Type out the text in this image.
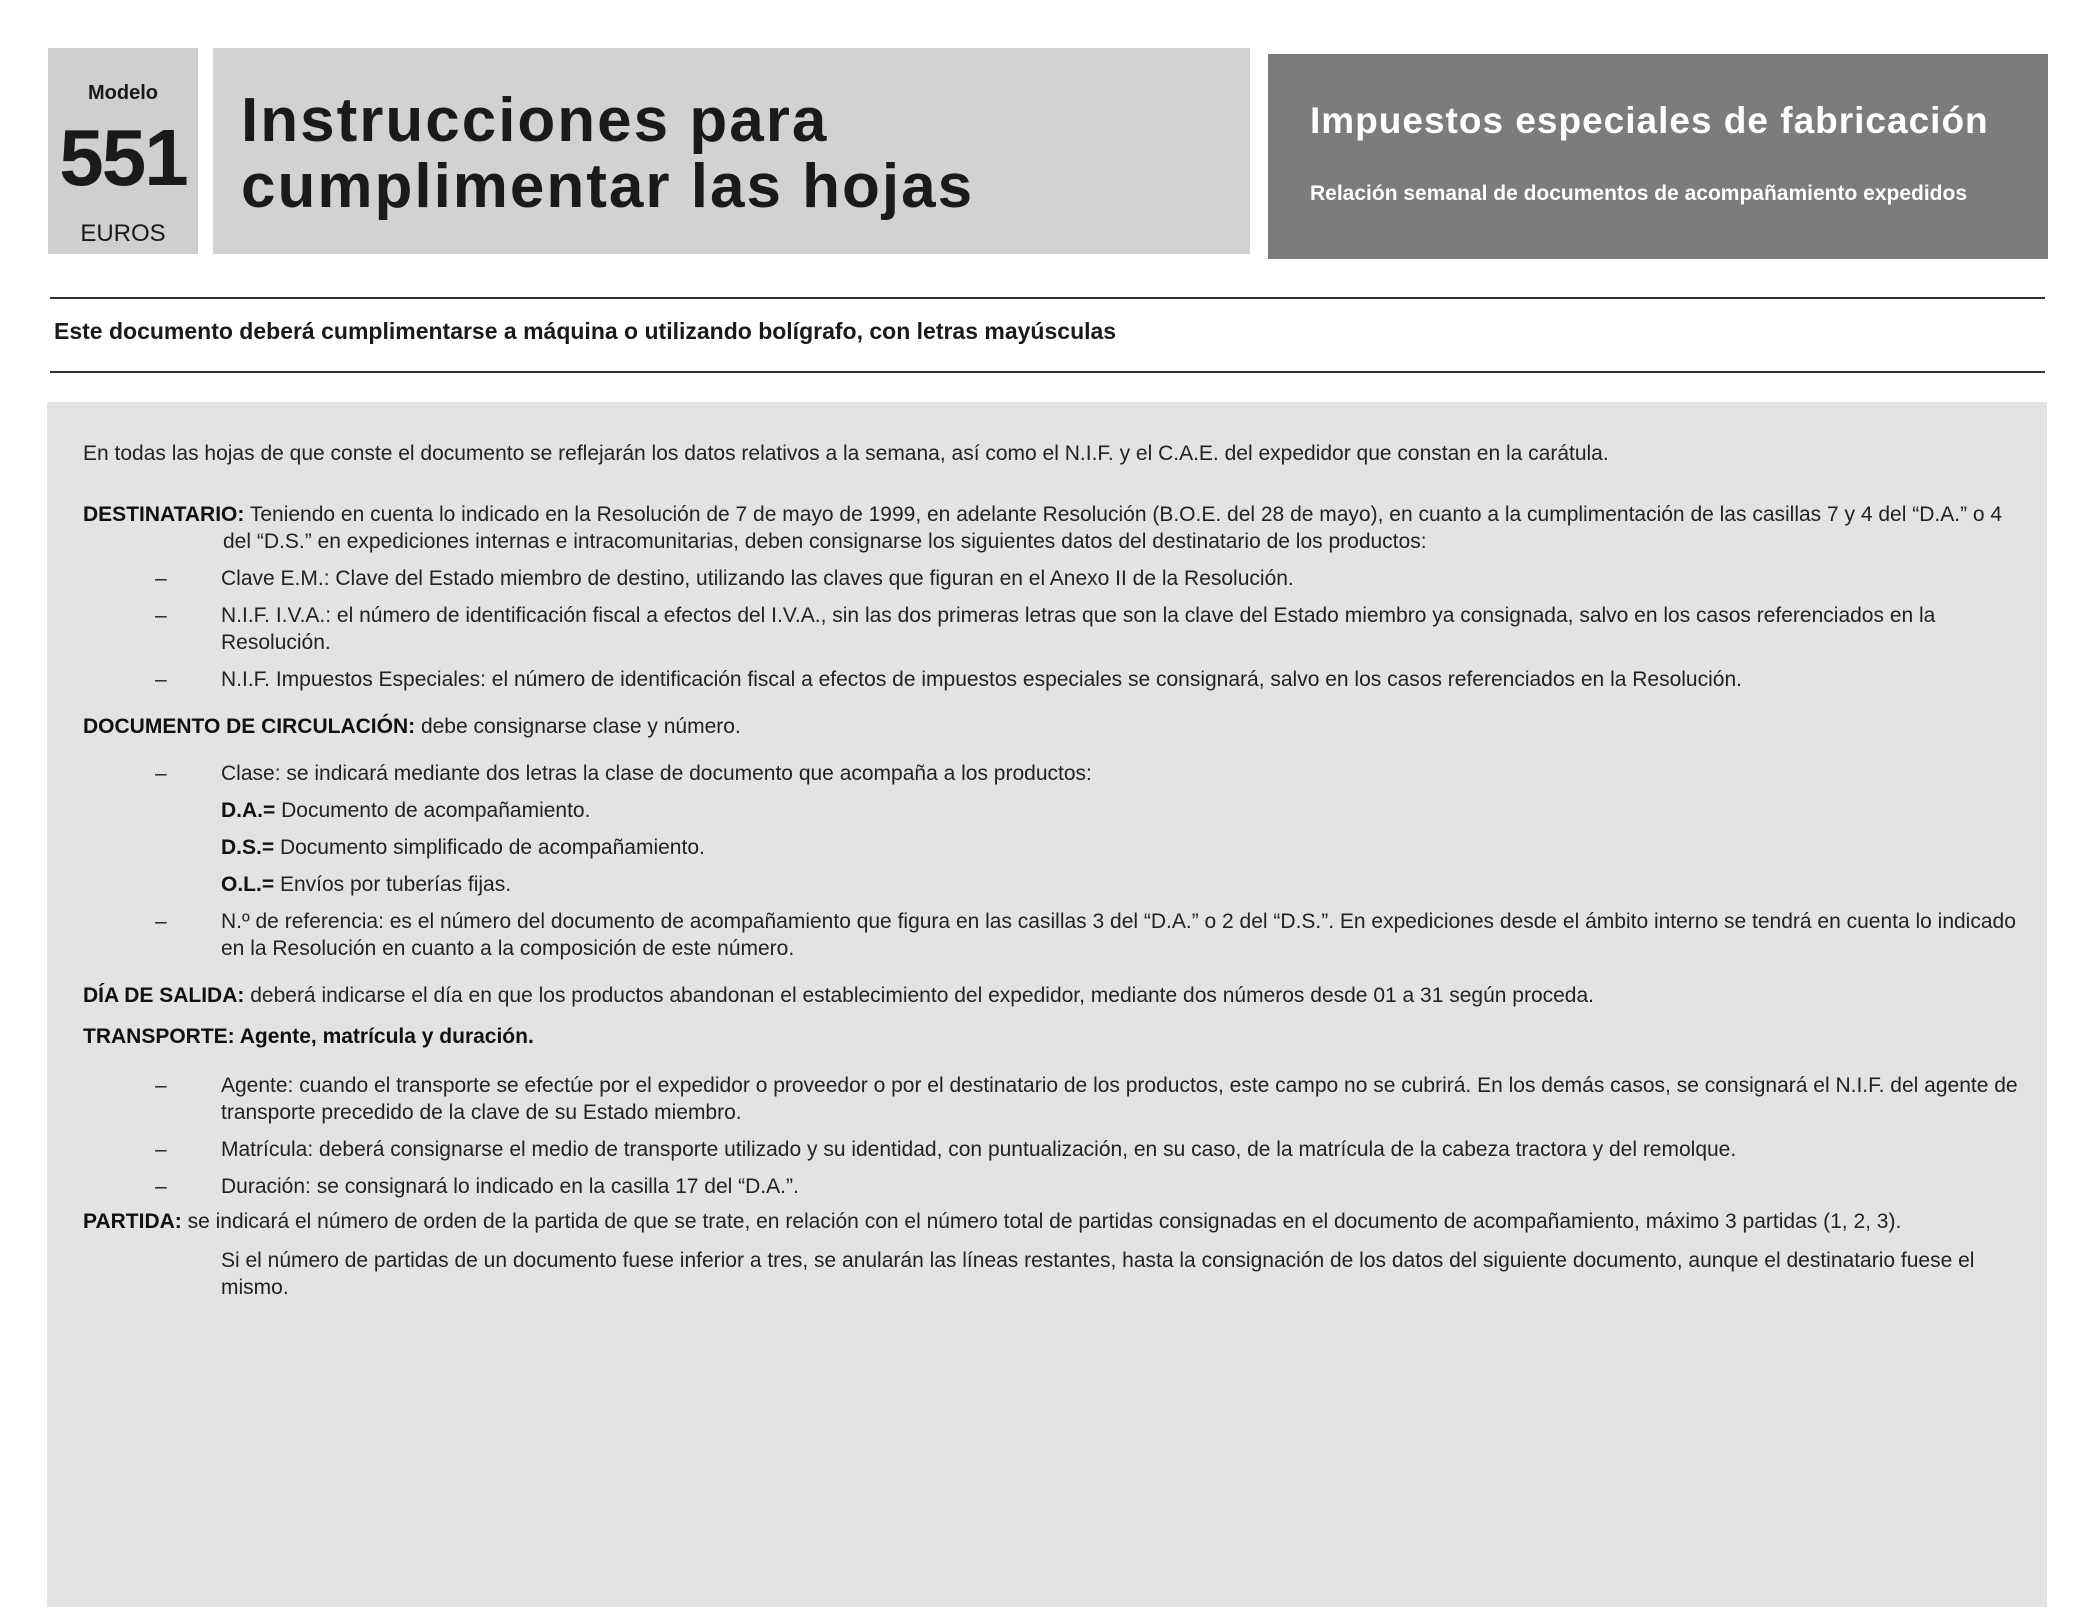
Modelo
551
EUROS
Instrucciones para cumplimentar las hojas
Impuestos especiales de fabricación
Relación semanal de documentos de acompañamiento expedidos
Este documento deberá cumplimentarse a máquina o utilizando bolígrafo, con letras mayúsculas

En todas las hojas de que conste el documento se reflejarán los datos relativos a la semana, así como el N.I.F. y el C.A.E. del expedidor que constan en la carátula.

DESTINATARIO: Teniendo en cuenta lo indicado en la Resolución de 7 de mayo de 1999, en adelante Resolución (B.O.E. del 28 de mayo), en cuanto a la cumplimentación de las casillas 7 y 4 del “D.A.” o 4 del “D.S.” en expediciones internas e intracomunitarias, deben consignarse los siguientes datos del destinatario de los productos:

–	Clave E.M.: Clave del Estado miembro de destino, utilizando las claves que figuran en el Anexo II de la Resolución.

–	N.I.F. I.V.A.: el número de identificación fiscal a efectos del I.V.A., sin las dos primeras letras que son la clave del Estado miembro ya consignada, salvo en los casos referenciados en la Resolución.

–	N.I.F. Impuestos Especiales: el número de identificación fiscal a efectos de impuestos especiales se consignará, salvo en los casos referenciados en la Resolución.

DOCUMENTO DE CIRCULACIÓN: debe consignarse clase y número.

–	Clase: se indicará mediante dos letras la clase de documento que acompaña a los productos:

D.A.= Documento de acompañamiento.

D.S.= Documento simplificado de acompañamiento.

O.L.= Envíos por tuberías fijas.

–	N.º de referencia: es el número del documento de acompañamiento que figura en las casillas 3 del “D.A.” o 2 del “D.S.”. En expediciones desde el ámbito interno se tendrá en cuenta lo indicado en la Resolución en cuanto a la composición de este número.

DÍA DE SALIDA: deberá indicarse el día en que los productos abandonan el establecimiento del expedidor, mediante dos números desde 01 a 31 según proceda.

TRANSPORTE: Agente, matrícula y duración.

–	Agente: cuando el transporte se efectúe por el expedidor o proveedor o por el destinatario de los productos, este campo no se cubrirá. En los demás casos, se consignará el N.I.F. del agente de transporte precedido de la clave de su Estado miembro.

–	Matrícula: deberá consignarse el medio de transporte utilizado y su identidad, con puntualización, en su caso, de la matrícula de la cabeza tractora y del remolque.

–	Duración: se consignará lo indicado en la casilla 17 del “D.A.”.

PARTIDA: se indicará el número de orden de la partida de que se trate, en relación con el número total de partidas consignadas en el documento de acompañamiento, máximo 3 partidas (1, 2, 3).

Si el número de partidas de un documento fuese inferior a tres, se anularán las líneas restantes, hasta la consignación de los datos del siguiente documento, aunque el destinatario fuese el mismo.
